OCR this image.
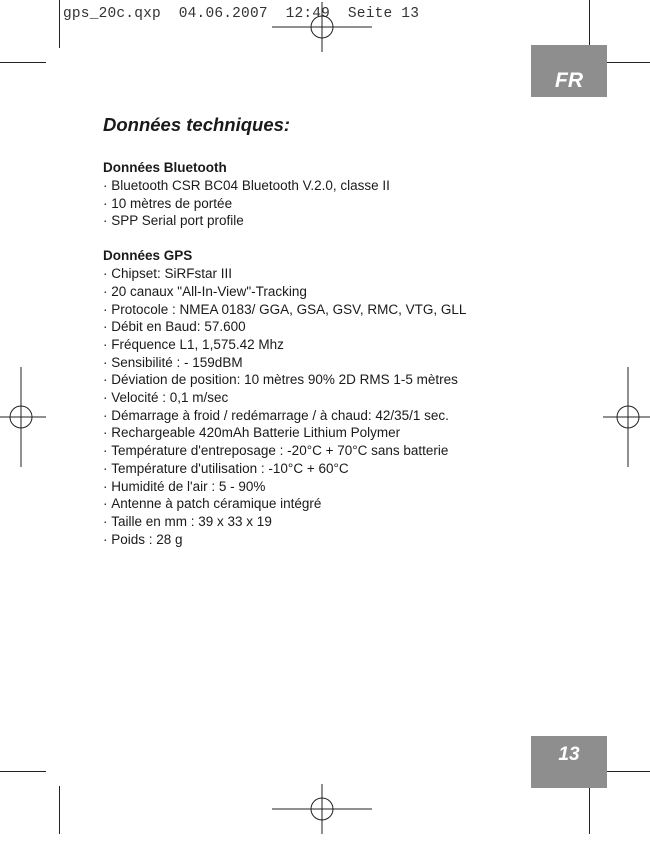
gps_20c.qxp 04.06.2007 12:49 Seite 13
FR
Données techniques:
Données Bluetooth
· Bluetooth CSR BC04 Bluetooth V.2.0, classe II
· 10 mètres de portée
· SPP Serial port profile
Données GPS
· Chipset: SiRFstar III
· 20 canaux "All-In-View"-Tracking
· Protocole : NMEA 0183/ GGA, GSA, GSV, RMC, VTG, GLL
· Débit en Baud: 57.600
· Fréquence L1, 1,575.42 Mhz
· Sensibilité : - 159dBM
· Déviation de position: 10 mètres 90% 2D RMS 1-5 mètres
· Velocité : 0,1 m/sec
· Démarrage à froid / redémarrage / à chaud: 42/35/1 sec.
· Rechargeable 420mAh Batterie Lithium Polymer
· Température d'entreposage : -20°C + 70°C sans batterie
· Température d'utilisation : -10°C + 60°C
· Humidité de l'air : 5 - 90%
· Antenne à patch céramique intégré
· Taille en mm : 39 x 33 x 19
· Poids : 28 g
13
